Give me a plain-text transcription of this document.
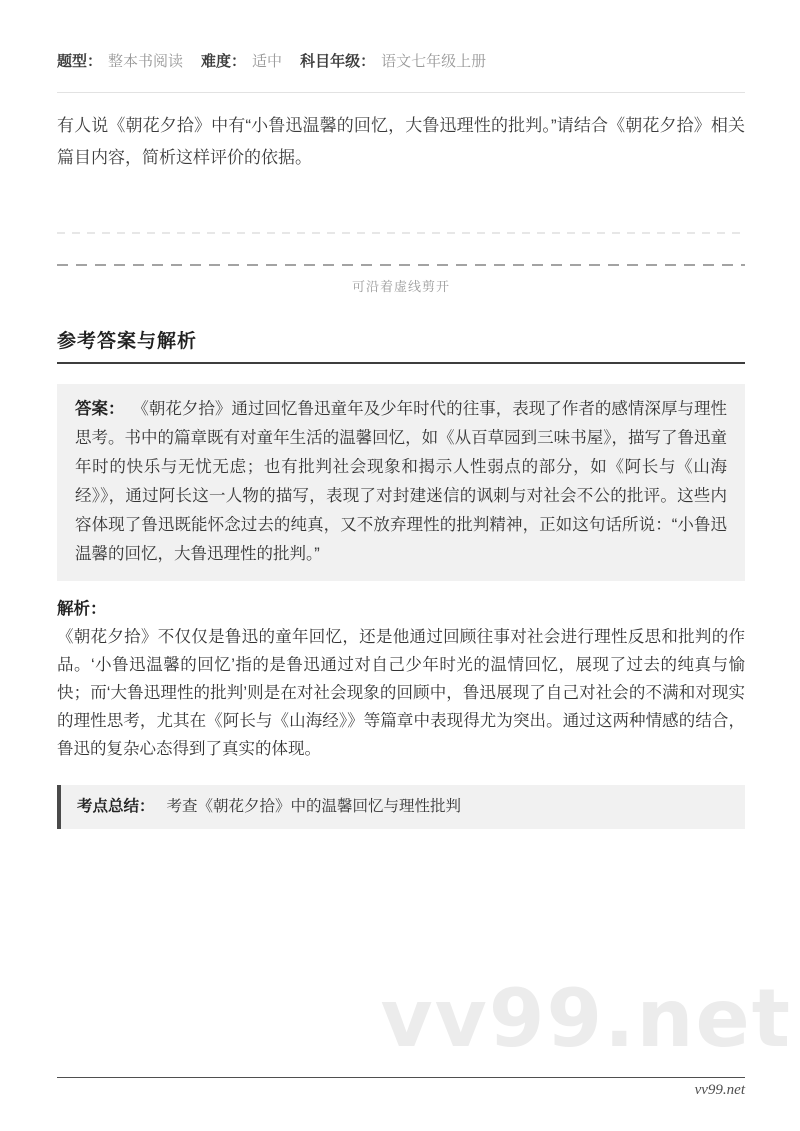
题型： 整本书阅读 难度： 适中 科目年级： 语文七年级上册

有人说《朝花夕拾》中有“小鲁迅温馨的回忆，大鲁迅理性的批判。”请结合《朝花夕拾》相关篇目内容，简析这样评价的依据。

可沿着虚线剪开
参考答案与解析
答案： 《朝花夕拾》通过回忆鲁迅童年及少年时代的往事，表现了作者的感情深厚与理性思考。书中的篇章既有对童年生活的温馨回忆，如《从百草园到三味书屋》，描写了鲁迅童年时的快乐与无忧无虑；也有批判社会现象和揭示人性弱点的部分，如《阿长与《山海经》》，通过阿长这一人物的描写，表现了对封建迷信的讽刺与对社会不公的批评。这些内容体现了鲁迅既能怀念过去的纯真，又不放弃理性的批判精神，正如这句话所说：“小鲁迅温馨的回忆，大鲁迅理性的批判。”
解析：

《朝花夕拾》不仅仅是鲁迅的童年回忆，还是他通过回顾往事对社会进行理性反思和批判的作品。‘小鲁迅温馨的回忆’指的是鲁迅通过对自己少年时光的温情回忆，展现了过去的纯真与愉快；而‘大鲁迅理性的批判’则是在对社会现象的回顾中，鲁迅展现了自己对社会的不满和对现实的理性思考，尤其在《阿长与《山海经》》等篇章中表现得尤为突出。通过这两种情感的结合，鲁迅的复杂心态得到了真实的体现。

考点总结： 考查《朝花夕拾》中的温馨回忆与理性批判
vv99.net
vv99.net
